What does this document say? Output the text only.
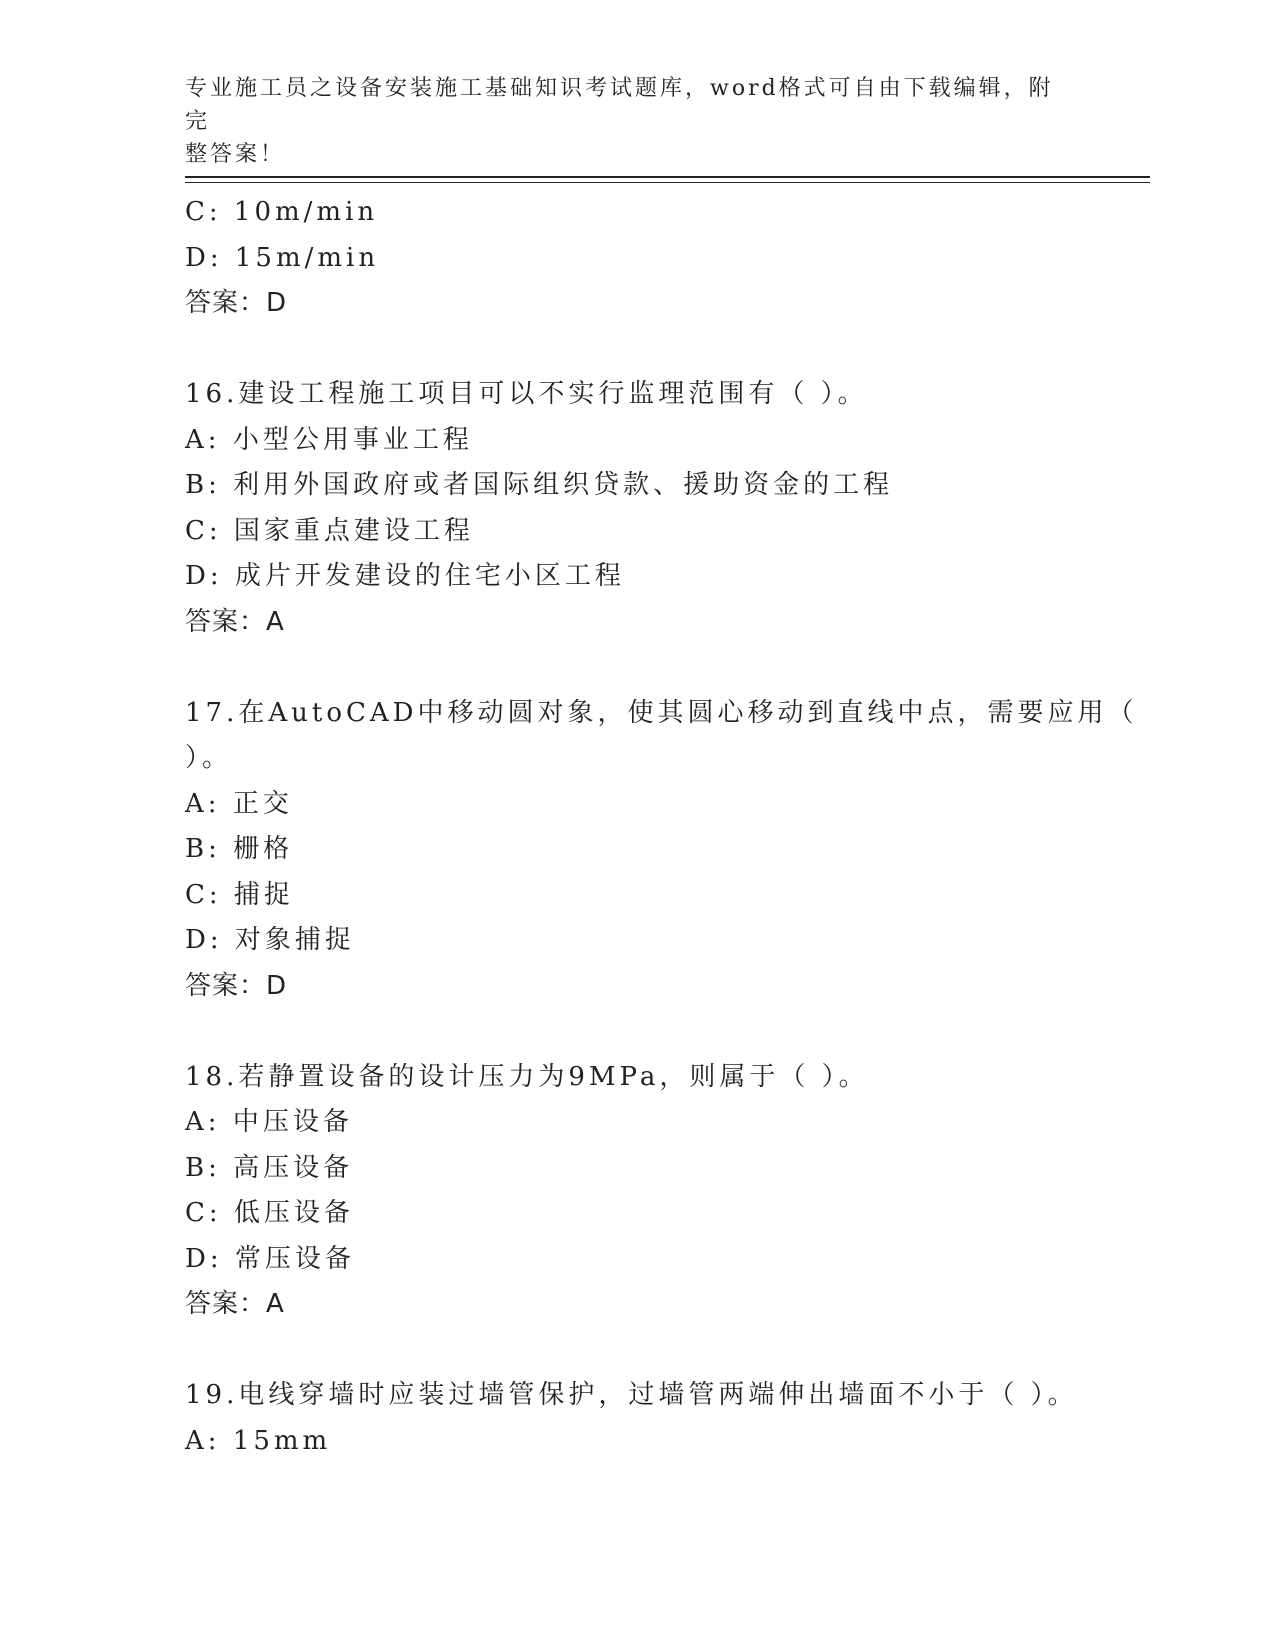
专业施工员之设备安装施工基础知识考试题库，word格式可自由下载编辑，附完
整答案！
C: 10m/min
D: 15m/min
答案：D
16.建设工程施工项目可以不实行监理范围有（ ）。
A: 小型公用事业工程
B: 利用外国政府或者国际组织贷款、援助资金的工程
C: 国家重点建设工程
D: 成片开发建设的住宅小区工程
答案：A
17.在AutoCAD中移动圆对象，使其圆心移动到直线中点，需要应用（
）。
A: 正交
B: 栅格
C: 捕捉
D: 对象捕捉
答案：D
18.若静置设备的设计压力为9MPa，则属于（ ）。
A: 中压设备
B: 高压设备
C: 低压设备
D: 常压设备
答案：A
19.电线穿墙时应装过墙管保护，过墙管两端伸出墙面不小于（ ）。
A: 15mm
